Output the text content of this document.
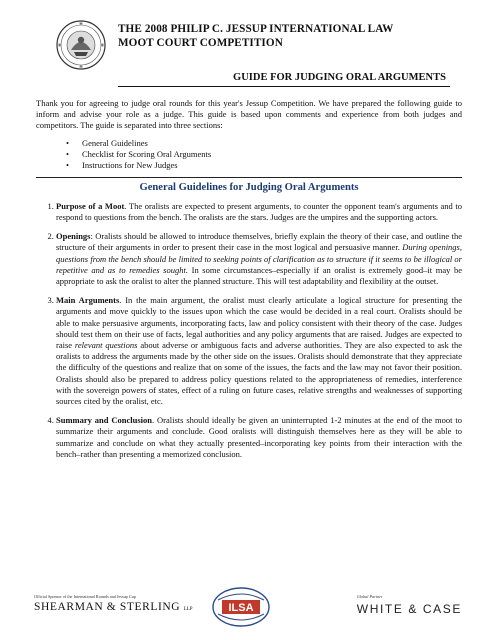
THE 2008 PHILIP C. JESSUP INTERNATIONAL LAW
MOOT COURT COMPETITION
GUIDE FOR JUDGING ORAL ARGUMENTS

Thank you for agreeing to judge oral rounds for this year's Jessup Competition. We have prepared the following guide to inform and advise your role as a judge. This guide is based upon comments and experience from both judges and competitors. The guide is separated into three sections:

• General Guidelines
• Checklist for Scoring Oral Arguments
• Instructions for New Judges
General Guidelines for Judging Oral Arguments
1. Purpose of a Moot. The oralists are expected to present arguments, to counter the opponent team's arguments and to respond to questions from the bench. The oralists are the stars. Judges are the umpires and the supporting actors.
2. Openings: Oralists should be allowed to introduce themselves, briefly explain the theory of their case, and outline the structure of their arguments in order to present their case in the most logical and persuasive manner. During openings, questions from the bench should be limited to seeking points of clarification as to structure if it seems to be illogical or repetitive and as to remedies sought. In some circumstances–especially if an oralist is extremely good–it may be appropriate to ask the oralist to alter the planned structure. This will test adaptability and flexibility at the outset.
3. Main Arguments. In the main argument, the oralist must clearly articulate a logical structure for presenting the arguments and move quickly to the issues upon which the case would be decided in a real court. Oralists should be able to make persuasive arguments, incorporating facts, law and policy consistent with their theory of the case. Judges should test them on their use of facts, legal authorities and any policy arguments that are raised. Judges are expected to raise relevant questions about adverse or ambiguous facts and adverse authorities. They are also expected to ask the oralists to address the arguments made by the other side on the issues. Oralists should demonstrate that they appreciate the difficulty of the questions and realize that on some of the issues, the facts and the law may not favor their position. Oralists should also be prepared to address policy questions related to the appropriateness of remedies, interference with the sovereign powers of states, effect of a ruling on future cases, relative strengths and weaknesses of supporting sources cited by the oralist, etc.
4. Summary and Conclusion. Oralists should ideally be given an uninterrupted 1-2 minutes at the end of the moot to summarize their arguments and conclude. Good oralists will distinguish themselves here as they will be able to summarize and conclude on what they actually presented–incorporating key points from their interaction with the bench–rather than presenting a memorized conclusion.
Official Sponsor of the International Rounds and Jessup Cup
SHEARMAN & STERLING LLP	ILSA
Global Partner
WHITE & CASE
